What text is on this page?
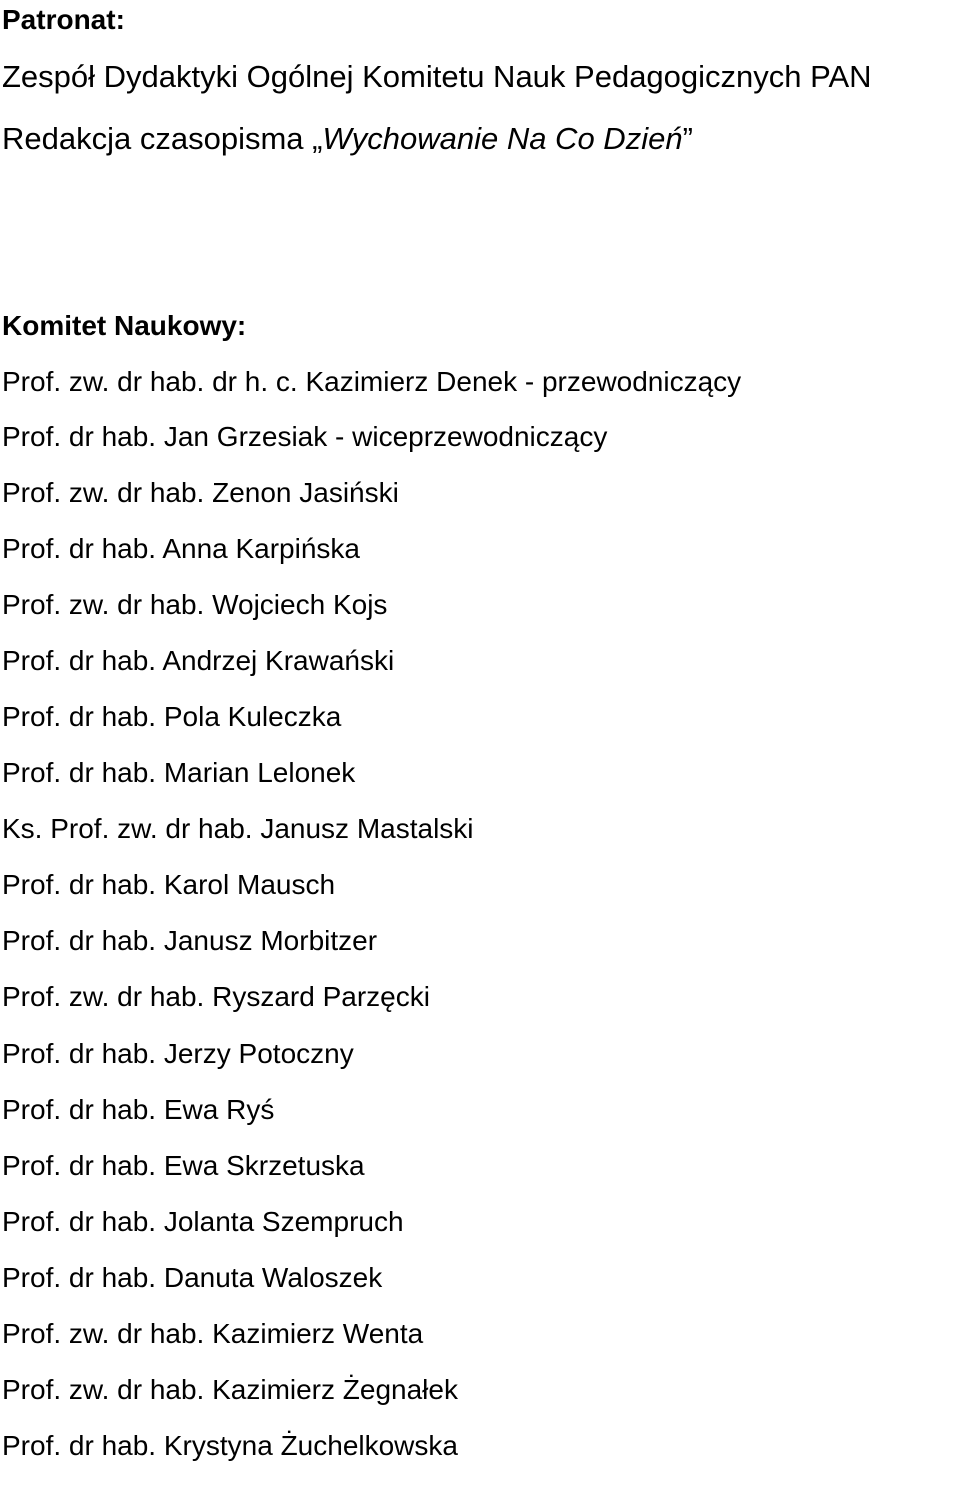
Patronat:
Zespół Dydaktyki Ogólnej Komitetu Nauk Pedagogicznych PAN
Redakcja czasopisma „Wychowanie Na Co Dzień”
Komitet Naukowy:
Prof. zw. dr hab. dr h. c. Kazimierz Denek - przewodniczący
Prof. dr hab. Jan Grzesiak - wiceprzewodniczący
Prof. zw. dr hab. Zenon Jasiński
Prof. dr hab. Anna Karpińska
Prof. zw. dr hab. Wojciech Kojs
Prof. dr hab. Andrzej Krawański
Prof. dr hab. Pola Kuleczka
Prof. dr hab. Marian Lelonek
Ks. Prof. zw. dr hab. Janusz Mastalski
Prof. dr hab. Karol Mausch
Prof. dr hab. Janusz Morbitzer
Prof. zw. dr hab. Ryszard Parzęcki
Prof. dr hab. Jerzy Potoczny
Prof. dr hab. Ewa Ryś
Prof. dr hab. Ewa Skrzetuska
Prof. dr hab. Jolanta Szempruch
Prof. dr hab. Danuta Waloszek
Prof. zw. dr hab. Kazimierz Wenta
Prof. zw. dr hab. Kazimierz Żegnałek
Prof. dr hab. Krystyna Żuchelkowska
